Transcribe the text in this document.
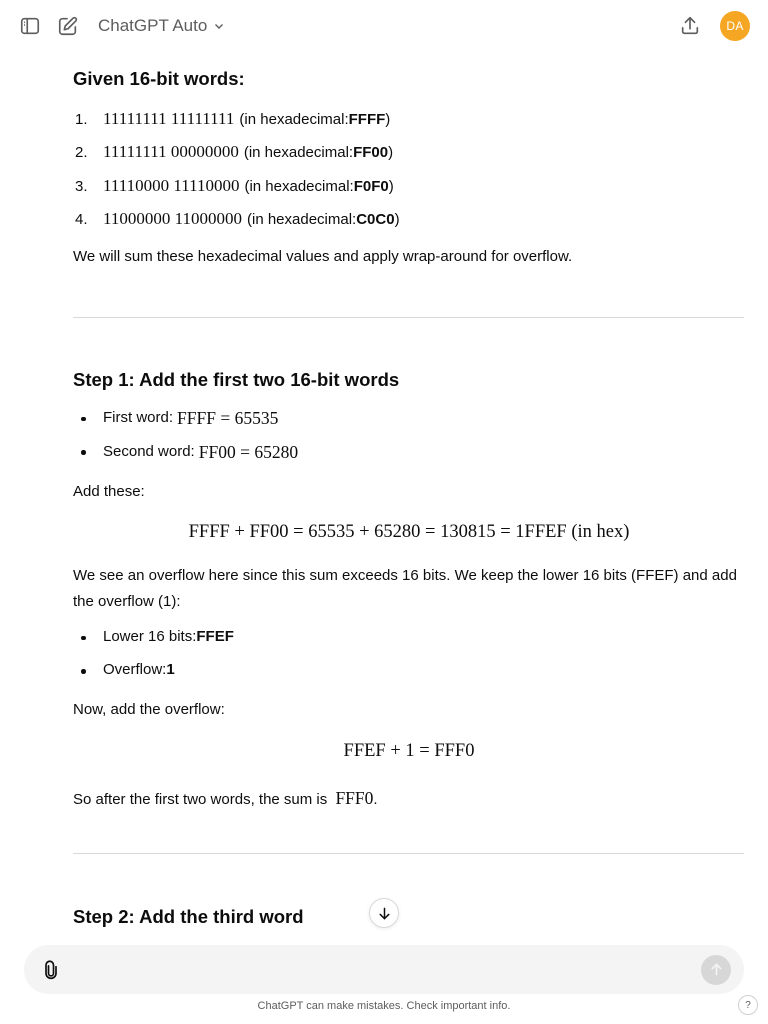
ChatGPT Auto	DA
Given 16-bit words:
1. 11111111 11111111 (in hexadecimal: FFFF )
2. 11111111 00000000 (in hexadecimal: FF00 )
3. 11110000 11110000 (in hexadecimal: F0F0 )
4. 11000000 11000000 (in hexadecimal: C0C0 )

We will sum these hexadecimal values and apply wrap-around for overflow.

Step 1: Add the first two 16-bit words
First word: FFFF = 65535
Second word: FF00 = 65280

Add these:

FFFF + FF00 = 65535 + 65280 = 130815 = 1FFEF (in hex)

We see an overflow here since this sum exceeds 16 bits. We keep the lower 16 bits (FFEF) and add the overflow (1):

Lower 16 bits: FFEF
Overflow: 1

Now, add the overflow:

FFEF + 1 = FFF0

So after the first two words, the sum is FFF0.

Step 2: Add the third word

ChatGPT can make mistakes. Check important info.	?
